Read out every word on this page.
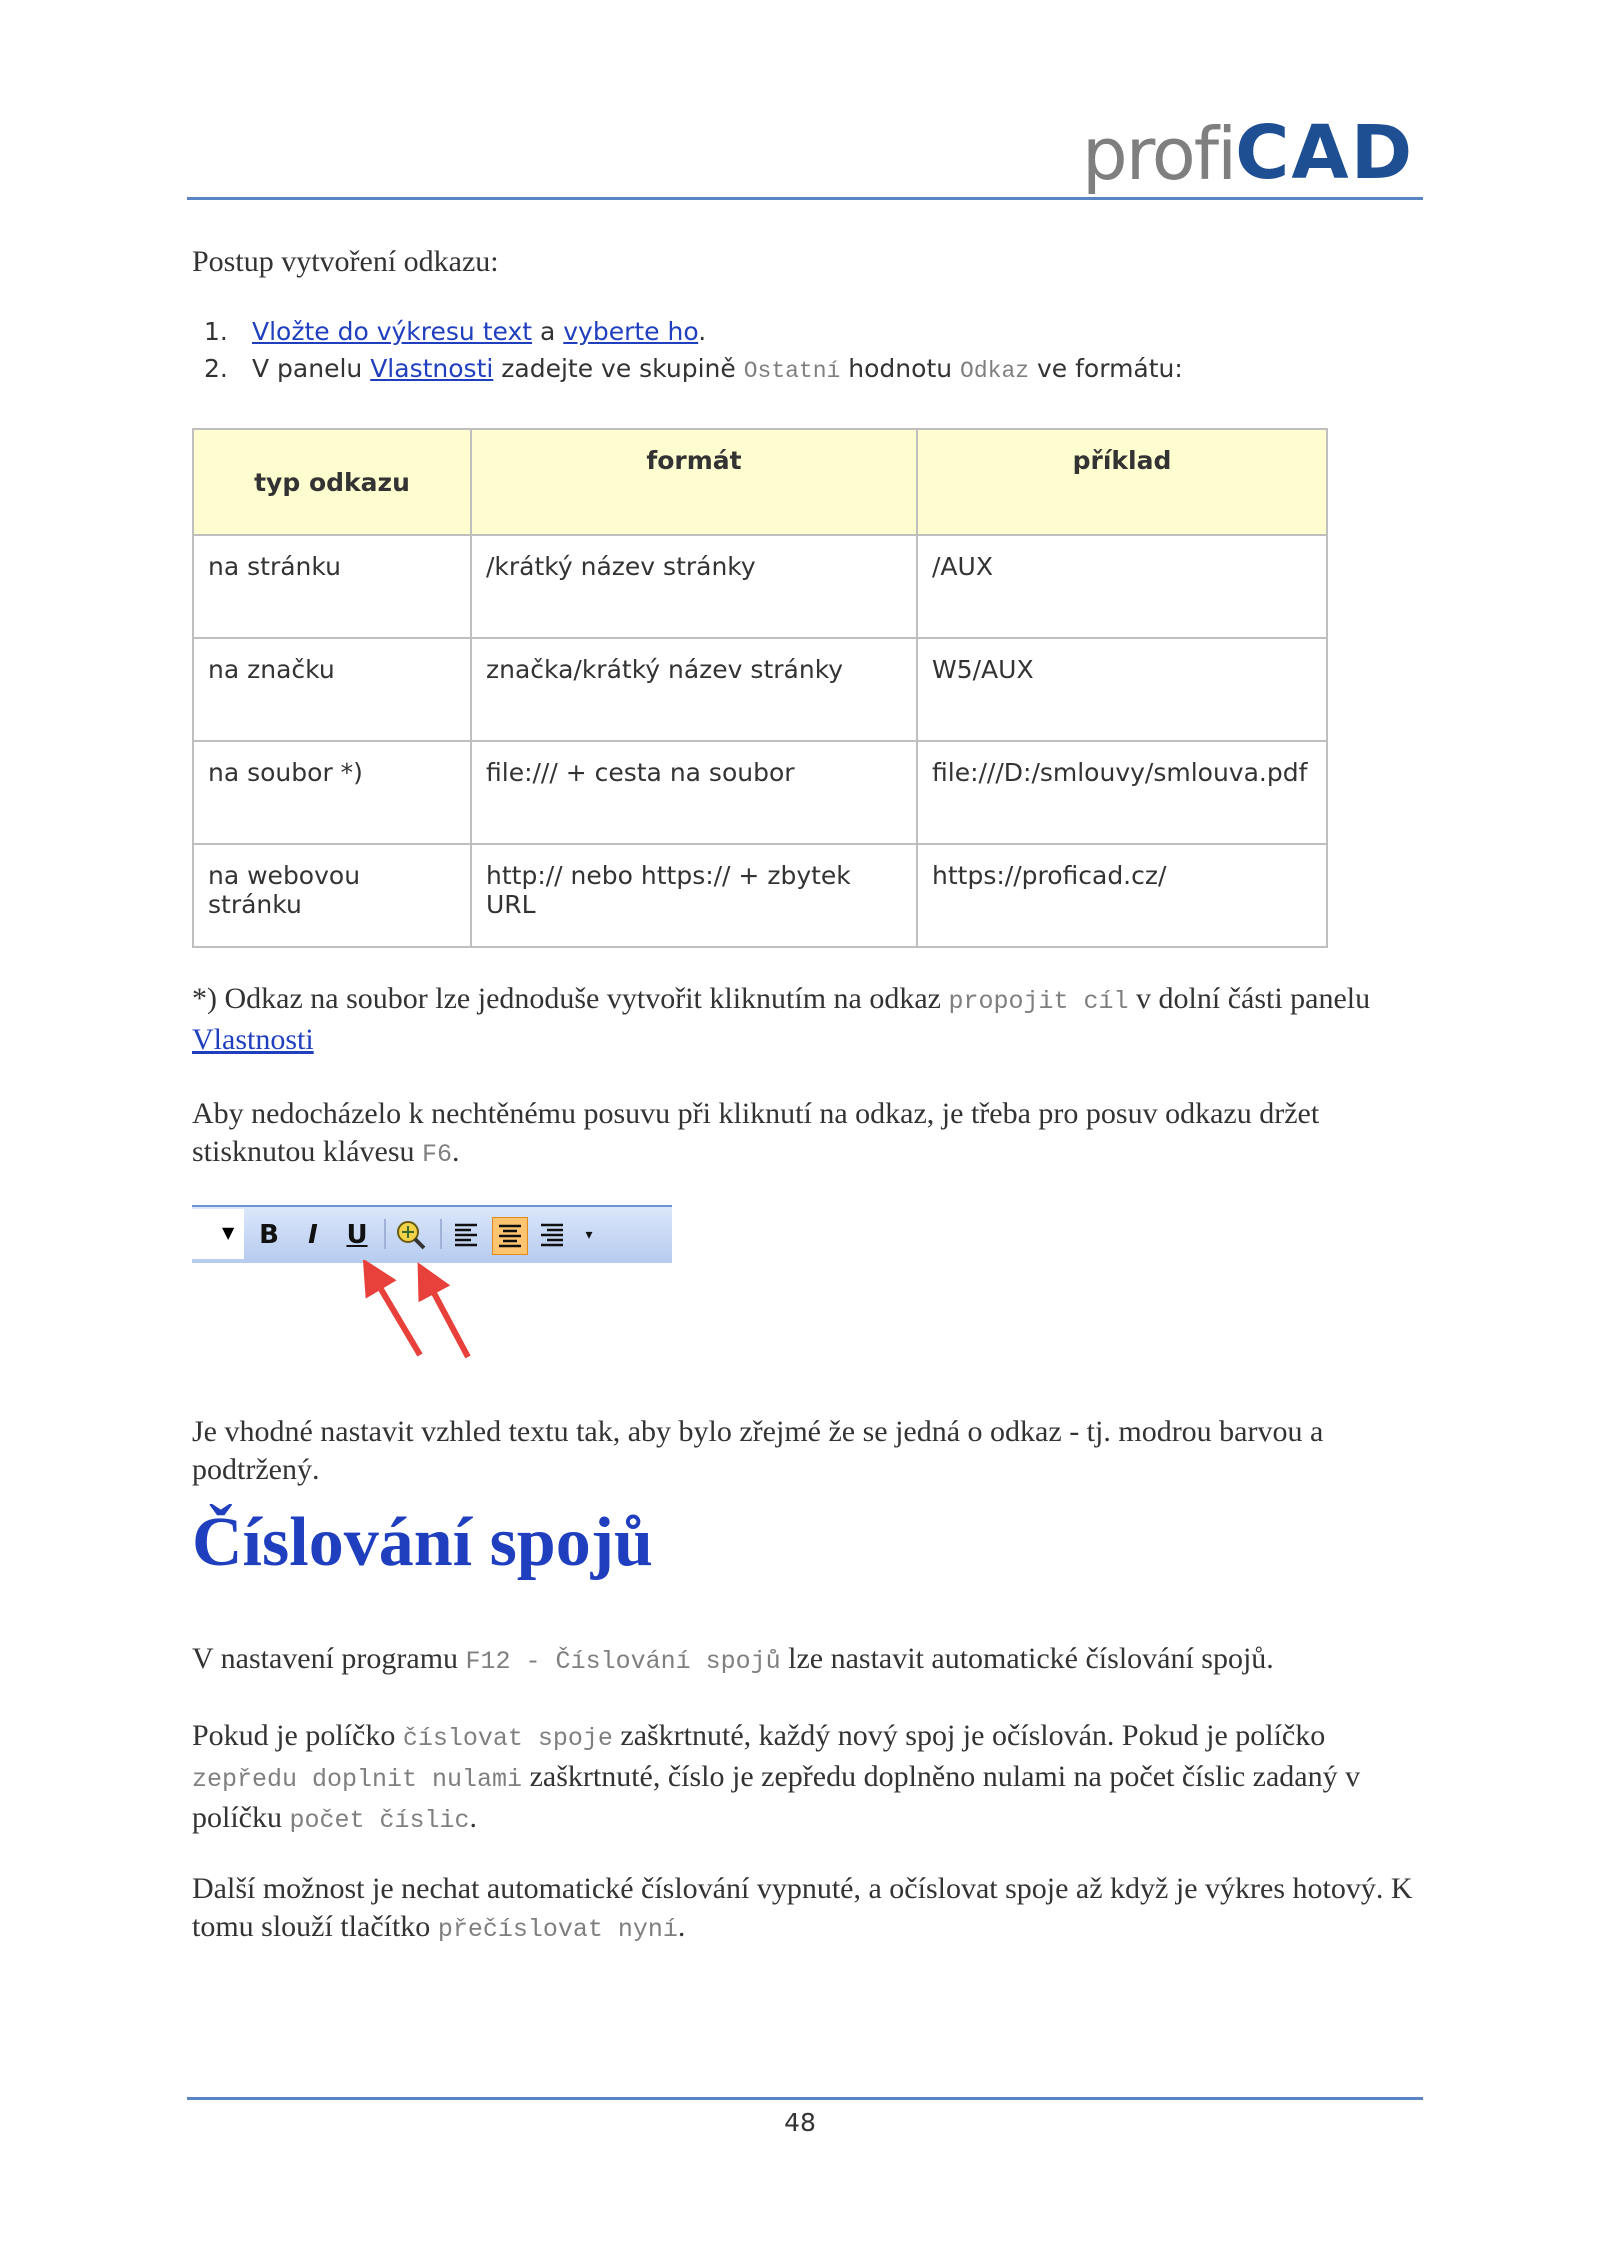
profi CAD
Postup vytvoření odkazu:
1. Vložte do výkresu text a vyberte ho.
2. V panelu Vlastnosti zadejte ve skupině Ostatní hodnotu Odkaz ve formátu:
typ odkazu	formát	příklad
na stránku	/krátký název stránky	/AUX
na značku	značka/krátký název stránky	W5/AUX
na soubor *)	file:/// + cesta na soubor	file:///D:/smlouvy/smlouva.pdf
na webovou stránku	http:// nebo https:// + zbytek URL	https://proficad.cz/
*) Odkaz na soubor lze jednoduše vytvořit kliknutím na odkaz propojit cíl v dolní části panelu Vlastnosti
Aby nedocházelo k nechtěnému posuvu při kliknutí na odkaz, je třeba pro posuv odkazu držet stisknutou klávesu F6.
▼ B	I	U	▾
Je vhodné nastavit vzhled textu tak, aby bylo zřejmé že se jedná o odkaz - tj. modrou barvou a podtržený.
Číslování spojů
V nastavení programu F12 - Číslování spojů lze nastavit automatické číslování spojů.
Pokud je políčko číslovat spoje zaškrtnuté, každý nový spoj je očíslován. Pokud je políčko zepředu doplnit nulami zaškrtnuté, číslo je zepředu doplněno nulami na počet číslic zadaný v políčku počet číslic.
Další možnost je nechat automatické číslování vypnuté, a očíslovat spoje až když je výkres hotový. K tomu slouží tlačítko přečíslovat nyní.
48
